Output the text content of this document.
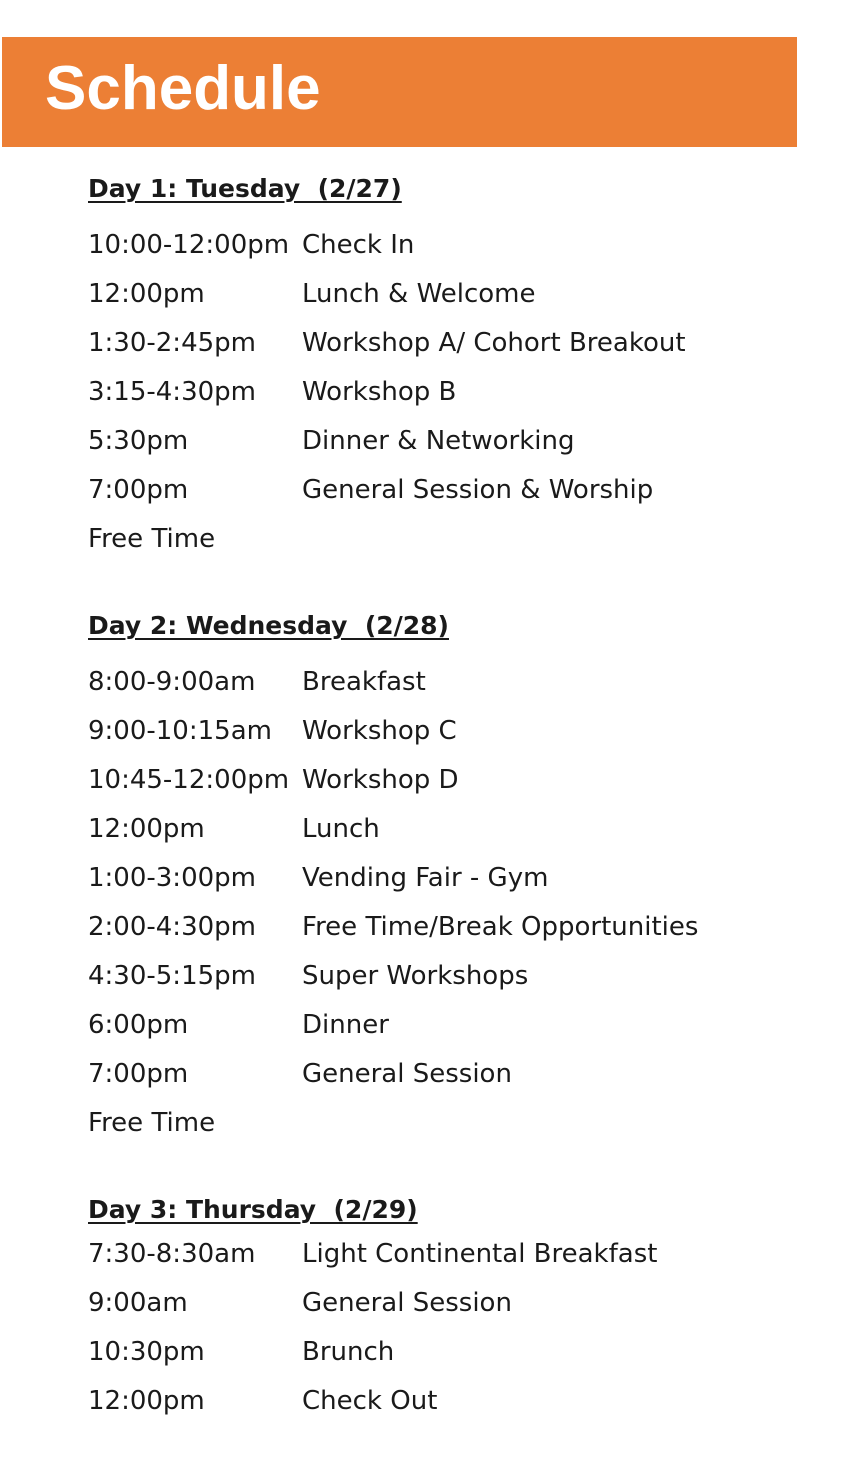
Schedule
Day 1: Tuesday  (2/27)
10:00-12:00pm Check In
12:00pm	Lunch & Welcome
1:30-2:45pm	Workshop A/ Cohort Breakout
3:15-4:30pm	Workshop B
5:30pm	Dinner & Networking
7:00pm	General Session & Worship
Free Time
Day 2: Wednesday  (2/28)
8:00-9:00am	Breakfast
9:00-10:15am	Workshop C
10:45-12:00pm Workshop D
12:00pm	Lunch
1:00-3:00pm	Vending Fair - Gym
2:00-4:30pm	Free Time/Break Opportunities
4:30-5:15pm	Super Workshops
6:00pm	Dinner
7:00pm	General Session
Free Time
Day 3: Thursday  (2/29)
7:30-8:30am	Light Continental Breakfast
9:00am	General Session
10:30pm	Brunch
12:00pm	Check Out
